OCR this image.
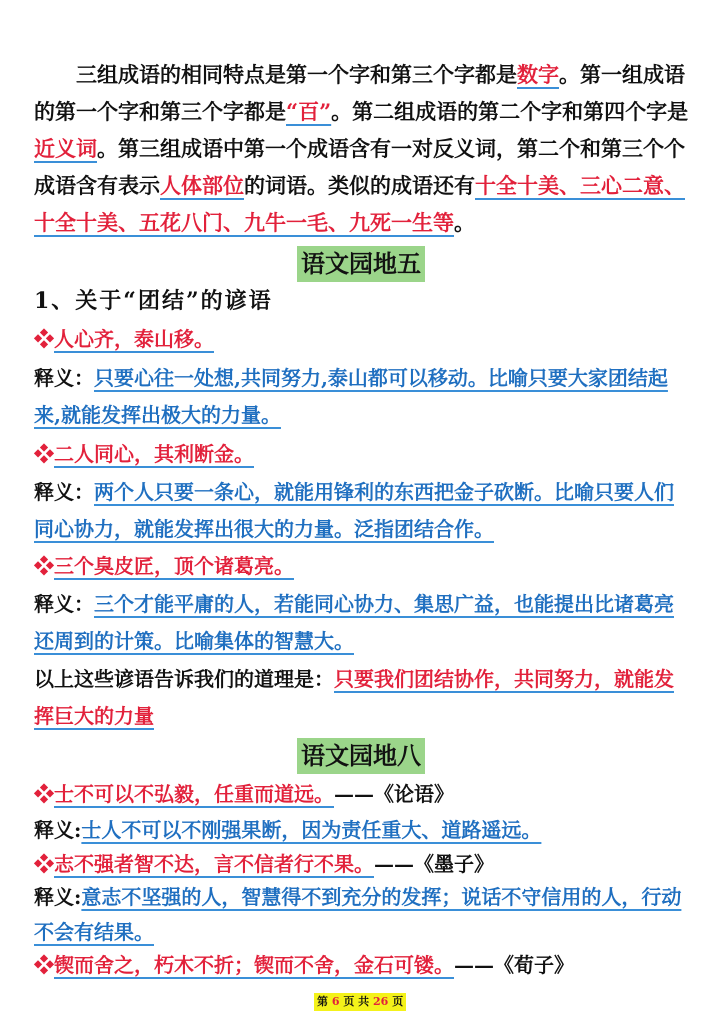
三组成语的相同特点是第一个字和第三个字都是数字。第一组成语的第一个字和第三个字都是“百”。第二组成语的第二个字和第四个字是近义词。第三组成语中第一个成语含有一对反义词，第二个和第三个个成语含有表示人体部位的词语。类似的成语还有十全十美、三心二意、十全十美、五花八门、九牛一毛、九死一生等。
语文园地五
1、关于“团结”的谚语
❖人心齐，泰山移。
释义：只要心往一处想,共同努力,泰山都可以移动。比喻只要大家团结起来,就能发挥出极大的力量。
❖二人同心，其利断金。
释义：两个人只要一条心，就能用锋利的东西把金子砍断。比喻只要人们同心协力，就能发挥出很大的力量。泛指团结合作。
❖三个臭皮匠，顶个诸葛亮。
释义：三个才能平庸的人，若能同心协力、集思广益，也能提出比诸葛亮还周到的计策。比喻集体的智慧大。
以上这些谚语告诉我们的道理是：只要我们团结协作，共同努力，就能发挥巨大的力量
语文园地八
❖士不可以不弘毅，任重而道远。——《论语》
释义:士人不可以不刚强果断，因为责任重大、道路遥远。
❖志不强者智不达，言不信者行不果。——《墨子》
释义:意志不坚强的人，智慧得不到充分的发挥；说话不守信用的人，行动不会有结果。
❖锲而舍之，朽木不折；锲而不舍，金石可镂。——《荀子》
第 6 页 共 26 页
